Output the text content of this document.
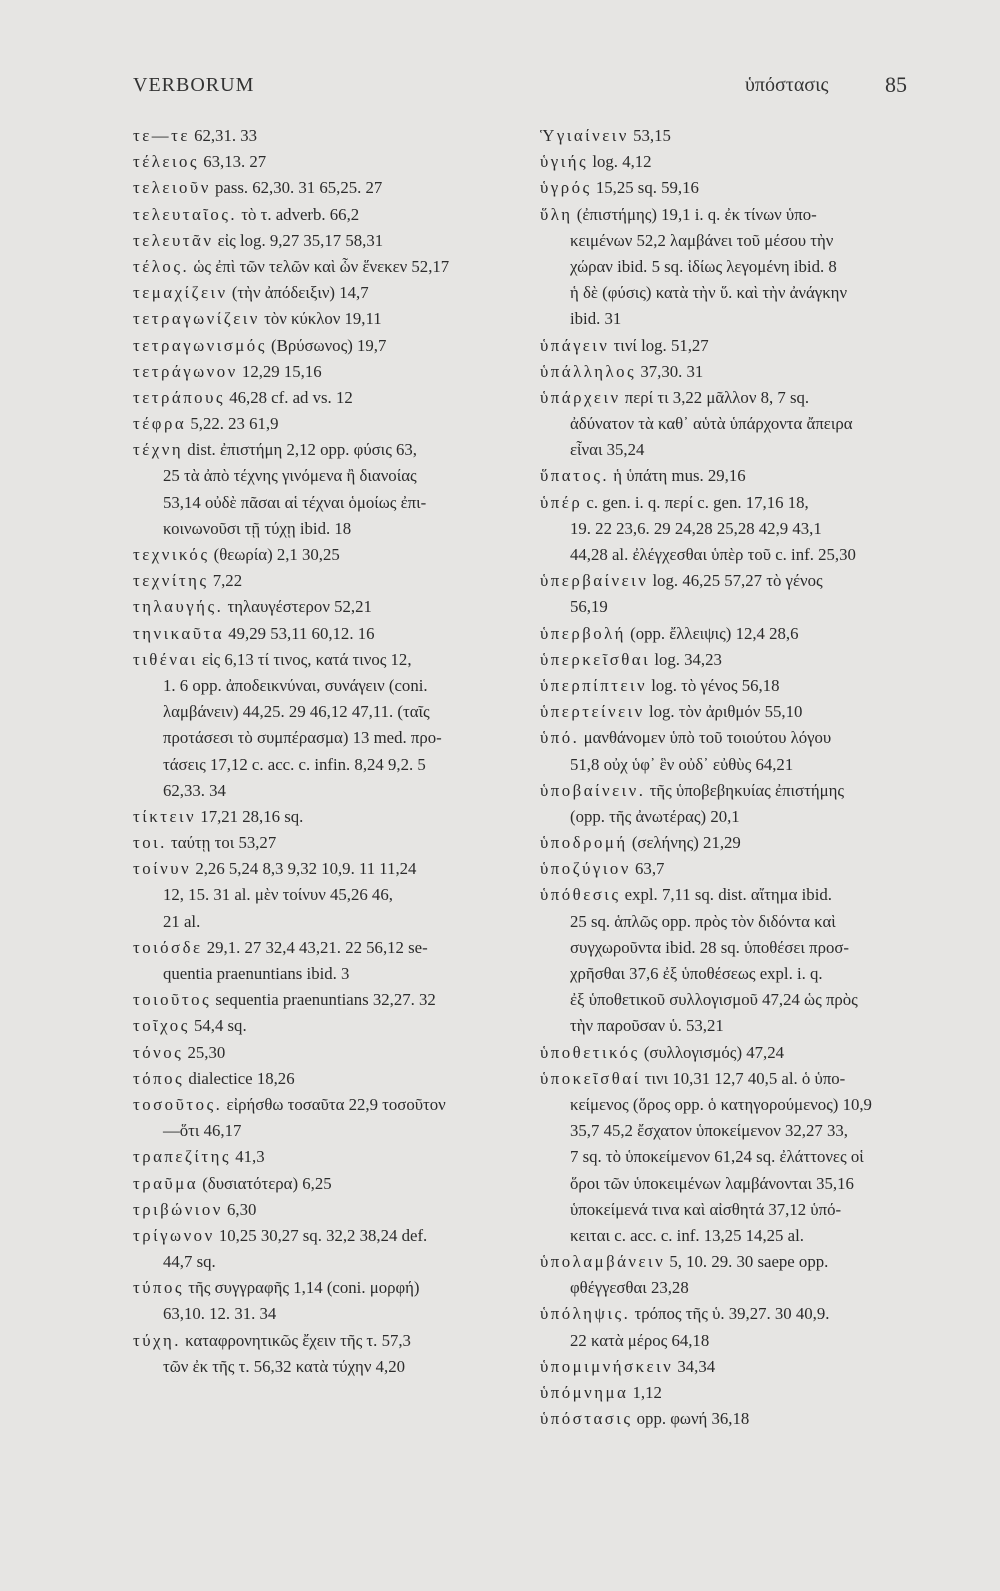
VERBORUM	ὑπόστασις	85
τε—τε 62,31. 33
τέλειος 63,13. 27
τελειοῦν pass. 62,30. 31 65,25. 27
τελευταῖος. τὸ τ. adverb. 66,2
τελευτᾶν εἰς log. 9,27 35,17 58,31
τέλος. ὡς ἐπὶ τῶν τελῶν καὶ ὧν ἕνεκεν 52,17
τεμαχίζειν (τὴν ἀπόδειξιν) 14,7
τετραγωνίζειν τὸν κύκλον 19,11
τετραγωνισμός (Βρύσωνος) 19,7
τετράγωνον 12,29 15,16
τετράπους 46,28 cf. ad vs. 12
τέφρα 5,22. 23 61,9
τέχνη dist. ἐπιστήμη 2,12 opp. φύσις 63,
25 τὰ ἀπὸ τέχνης γινόμενα ἢ διανοίας
53,14 οὐδὲ πᾶσαι αἱ τέχναι ὁμοίως ἐπι-
κοινωνοῦσι τῇ τύχῃ ibid. 18
τεχνικός (θεωρία) 2,1 30,25
τεχνίτης 7,22
τηλαυγής. τηλαυγέστερον 52,21
τηνικαῦτα 49,29 53,11 60,12. 16
τιθέναι εἰς 6,13 τί τινος, κατά τινος 12,
1. 6 opp. ἀποδεικνύναι, συνάγειν (coni.
λαμβάνειν) 44,25. 29 46,12 47,11. (ταῖς
προτάσεσι τὸ συμπέρασμα) 13 med. προ-
τάσεις 17,12 c. acc. c. infin. 8,24 9,2. 5
62,33. 34
τίκτειν 17,21 28,16 sq.
τοι. ταύτῃ τοι 53,27
τοίνυν 2,26 5,24 8,3 9,32 10,9. 11 11,24
12, 15. 31 al. μὲν τοίνυν 45,26 46,
21 al.
τοιόσδε 29,1. 27 32,4 43,21. 22 56,12 se-
quentia praenuntians ibid. 3
τοιοῦτος sequentia praenuntians 32,27. 32
τοῖχος 54,4 sq.
τόνος 25,30
τόπος dialectice 18,26
τοσοῦτος. εἰρήσθω τοσαῦτα 22,9 τοσοῦτον
—ὅτι 46,17
τραπεζίτης 41,3
τραῦμα (δυσιατότερα) 6,25
τριβώνιον 6,30
τρίγωνον 10,25 30,27 sq. 32,2 38,24 def.
44,7 sq.
τύπος τῆς συγγραφῆς 1,14 (coni. μορφή)
63,10. 12. 31. 34
τύχη. καταφρονητικῶς ἔχειν τῆς τ. 57,3
τῶν ἐκ τῆς τ. 56,32 κατὰ τύχην 4,20
Ὑγιαίνειν 53,15
ὑγιής log. 4,12
ὑγρός 15,25 sq. 59,16
ὕλη (ἐπιστήμης) 19,1 i. q. ἐκ τίνων ὑπο-
κειμένων 52,2 λαμβάνει τοῦ μέσου τὴν
χώραν ibid. 5 sq. ἰδίως λεγομένη ibid. 8
ἡ δὲ (φύσις) κατὰ τὴν ὕ. καὶ τὴν ἀνάγκην
ibid. 31
ὑπάγειν τινί log. 51,27
ὑπάλληλος 37,30. 31
ὑπάρχειν περί τι 3,22 μᾶλλον 8, 7 sq.
ἀδύνατον τὰ καθ᾽ αὑτὰ ὑπάρχοντα ἄπειρα
εἶναι 35,24
ὕπατος. ἡ ὑπάτη mus. 29,16
ὑπέρ c. gen. i. q. περί c. gen. 17,16 18,
19. 22 23,6. 29 24,28 25,28 42,9 43,1
44,28 al. ἐλέγχεσθαι ὑπὲρ τοῦ c. inf. 25,30
ὑπερβαίνειν log. 46,25 57,27 τὸ γένος
56,19
ὑπερβολή (opp. ἔλλειψις) 12,4 28,6
ὑπερκεῖσθαι log. 34,23
ὑπερπίπτειν log. τὸ γένος 56,18
ὑπερτείνειν log. τὸν ἀριθμόν 55,10
ὑπό. μανθάνομεν ὑπὸ τοῦ τοιούτου λόγου
51,8 οὐχ ὑφ᾽ ἓν οὐδ᾽ εὐθὺς 64,21
ὑποβαίνειν. τῆς ὑποβεβηκυίας ἐπιστήμης
(opp. τῆς ἀνωτέρας) 20,1
ὑποδρομή (σελήνης) 21,29
ὑποζύγιον 63,7
ὑπόθεσις expl. 7,11 sq. dist. αἴτημα ibid.
25 sq. ἁπλῶς opp. πρὸς τὸν διδόντα καὶ
συγχωροῦντα ibid. 28 sq. ὑποθέσει προσ-
χρῆσθαι 37,6 ἐξ ὑποθέσεως expl. i. q.
ἐξ ὑποθετικοῦ συλλογισμοῦ 47,24 ὡς πρὸς
τὴν παροῦσαν ὑ. 53,21
ὑποθετικός (συλλογισμός) 47,24
ὑποκεῖσθαί τινι 10,31 12,7 40,5 al. ὁ ὑπο-
κείμενος (ὅρος opp. ὁ κατηγορούμενος) 10,9
35,7 45,2 ἔσχατον ὑποκείμενον 32,27 33,
7 sq. τὸ ὑποκείμενον 61,24 sq. ἐλάττονες οἱ
ὅροι τῶν ὑποκειμένων λαμβάνονται 35,16
ὑποκείμενά τινα καὶ αἰσθητά 37,12 ὑπό-
κειται c. acc. c. inf. 13,25 14,25 al.
ὑπολαμβάνειν 5, 10. 29. 30 saepe opp.
φθέγγεσθαι 23,28
ὑπόληψις. τρόπος τῆς ὑ. 39,27. 30 40,9.
22 κατὰ μέρος 64,18
ὑπομιμνήσκειν 34,34
ὑπόμνημα 1,12
ὑπόστασις opp. φωνή 36,18
